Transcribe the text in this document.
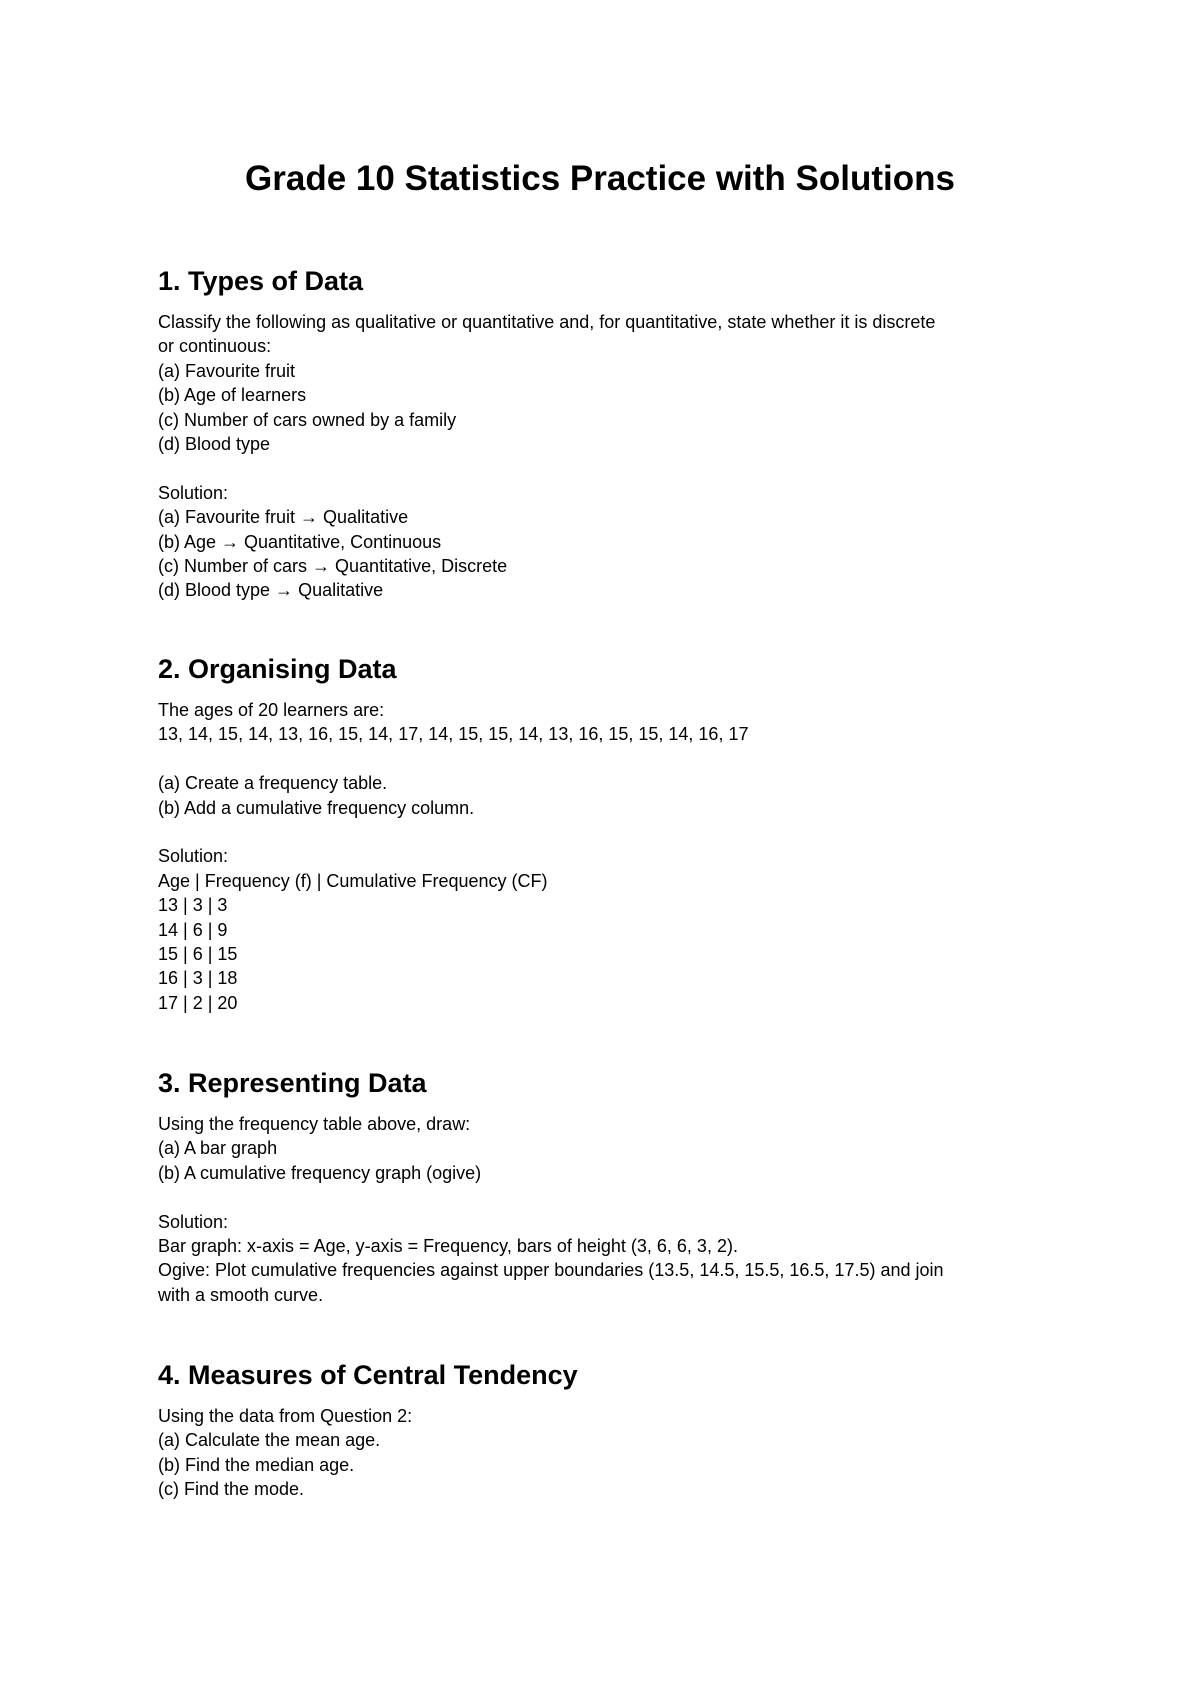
Grade 10 Statistics Practice with Solutions
1. Types of Data

Classify the following as qualitative or quantitative and, for quantitative, state whether it is discrete

or continuous:

(a) Favourite fruit

(b) Age of learners

(c) Number of cars owned by a family

(d) Blood type

Solution:

(a) Favourite fruit → Qualitative

(b) Age → Quantitative, Continuous

(c) Number of cars → Quantitative, Discrete

(d) Blood type → Qualitative

2. Organising Data

The ages of 20 learners are:

13, 14, 15, 14, 13, 16, 15, 14, 17, 14, 15, 15, 14, 13, 16, 15, 15, 14, 16, 17

(a) Create a frequency table.

(b) Add a cumulative frequency column.

Solution:

Age | Frequency (f) | Cumulative Frequency (CF)

13 | 3 | 3

14 | 6 | 9

15 | 6 | 15

16 | 3 | 18

17 | 2 | 20

3. Representing Data

Using the frequency table above, draw:

(a) A bar graph

(b) A cumulative frequency graph (ogive)

Solution:

Bar graph: x-axis = Age, y-axis = Frequency, bars of height (3, 6, 6, 3, 2).

Ogive: Plot cumulative frequencies against upper boundaries (13.5, 14.5, 15.5, 16.5, 17.5) and join

with a smooth curve.

4. Measures of Central Tendency

Using the data from Question 2:

(a) Calculate the mean age.

(b) Find the median age.

(c) Find the mode.
